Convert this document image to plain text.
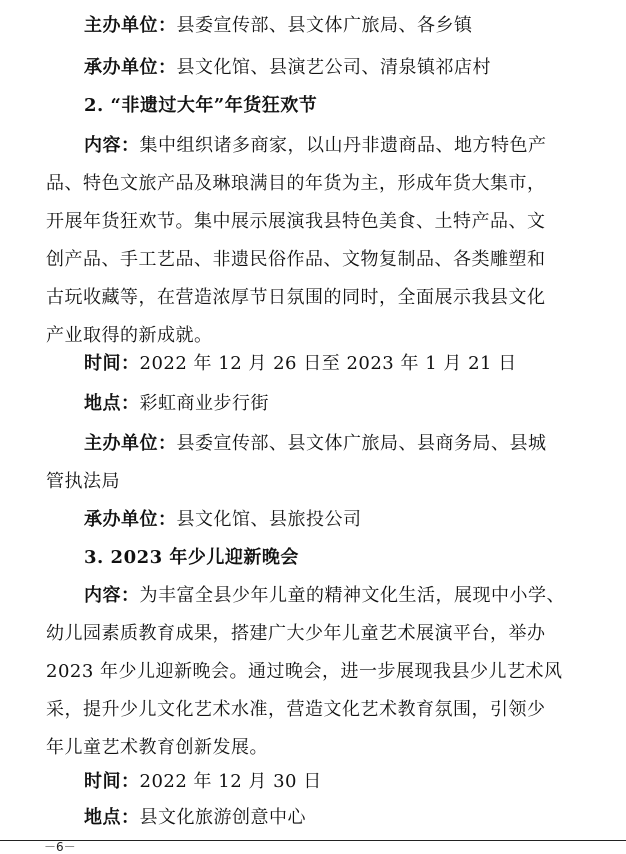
主办单位：县委宣传部、县文体广旅局、各乡镇
承办单位：县文化馆、县演艺公司、清泉镇祁店村
2. “非遗过大年”年货狂欢节
内容：集中组织诸多商家，以山丹非遗商品、地方特色产
品、特色文旅产品及琳琅满目的年货为主，形成年货大集市，
开展年货狂欢节。集中展示展演我县特色美食、土特产品、文
创产品、手工艺品、非遗民俗作品、文物复制品、各类雕塑和
古玩收藏等，在营造浓厚节日氛围的同时，全面展示我县文化
产业取得的新成就。
时间：2022 年 12 月 26 日至 2023 年 1 月 21 日
地点：彩虹商业步行街
主办单位：县委宣传部、县文体广旅局、县商务局、县城
管执法局
承办单位：县文化馆、县旅投公司
3. 2023 年少儿迎新晚会
内容：为丰富全县少年儿童的精神文化生活，展现中小学、
幼儿园素质教育成果，搭建广大少年儿童艺术展演平台，举办
2023 年少儿迎新晚会。通过晚会，进一步展现我县少儿艺术风
采，提升少儿文化艺术水准，营造文化艺术教育氛围，引领少
年儿童艺术教育创新发展。
时间：2022 年 12 月 30 日
地点：县文化旅游创意中心
－6－
